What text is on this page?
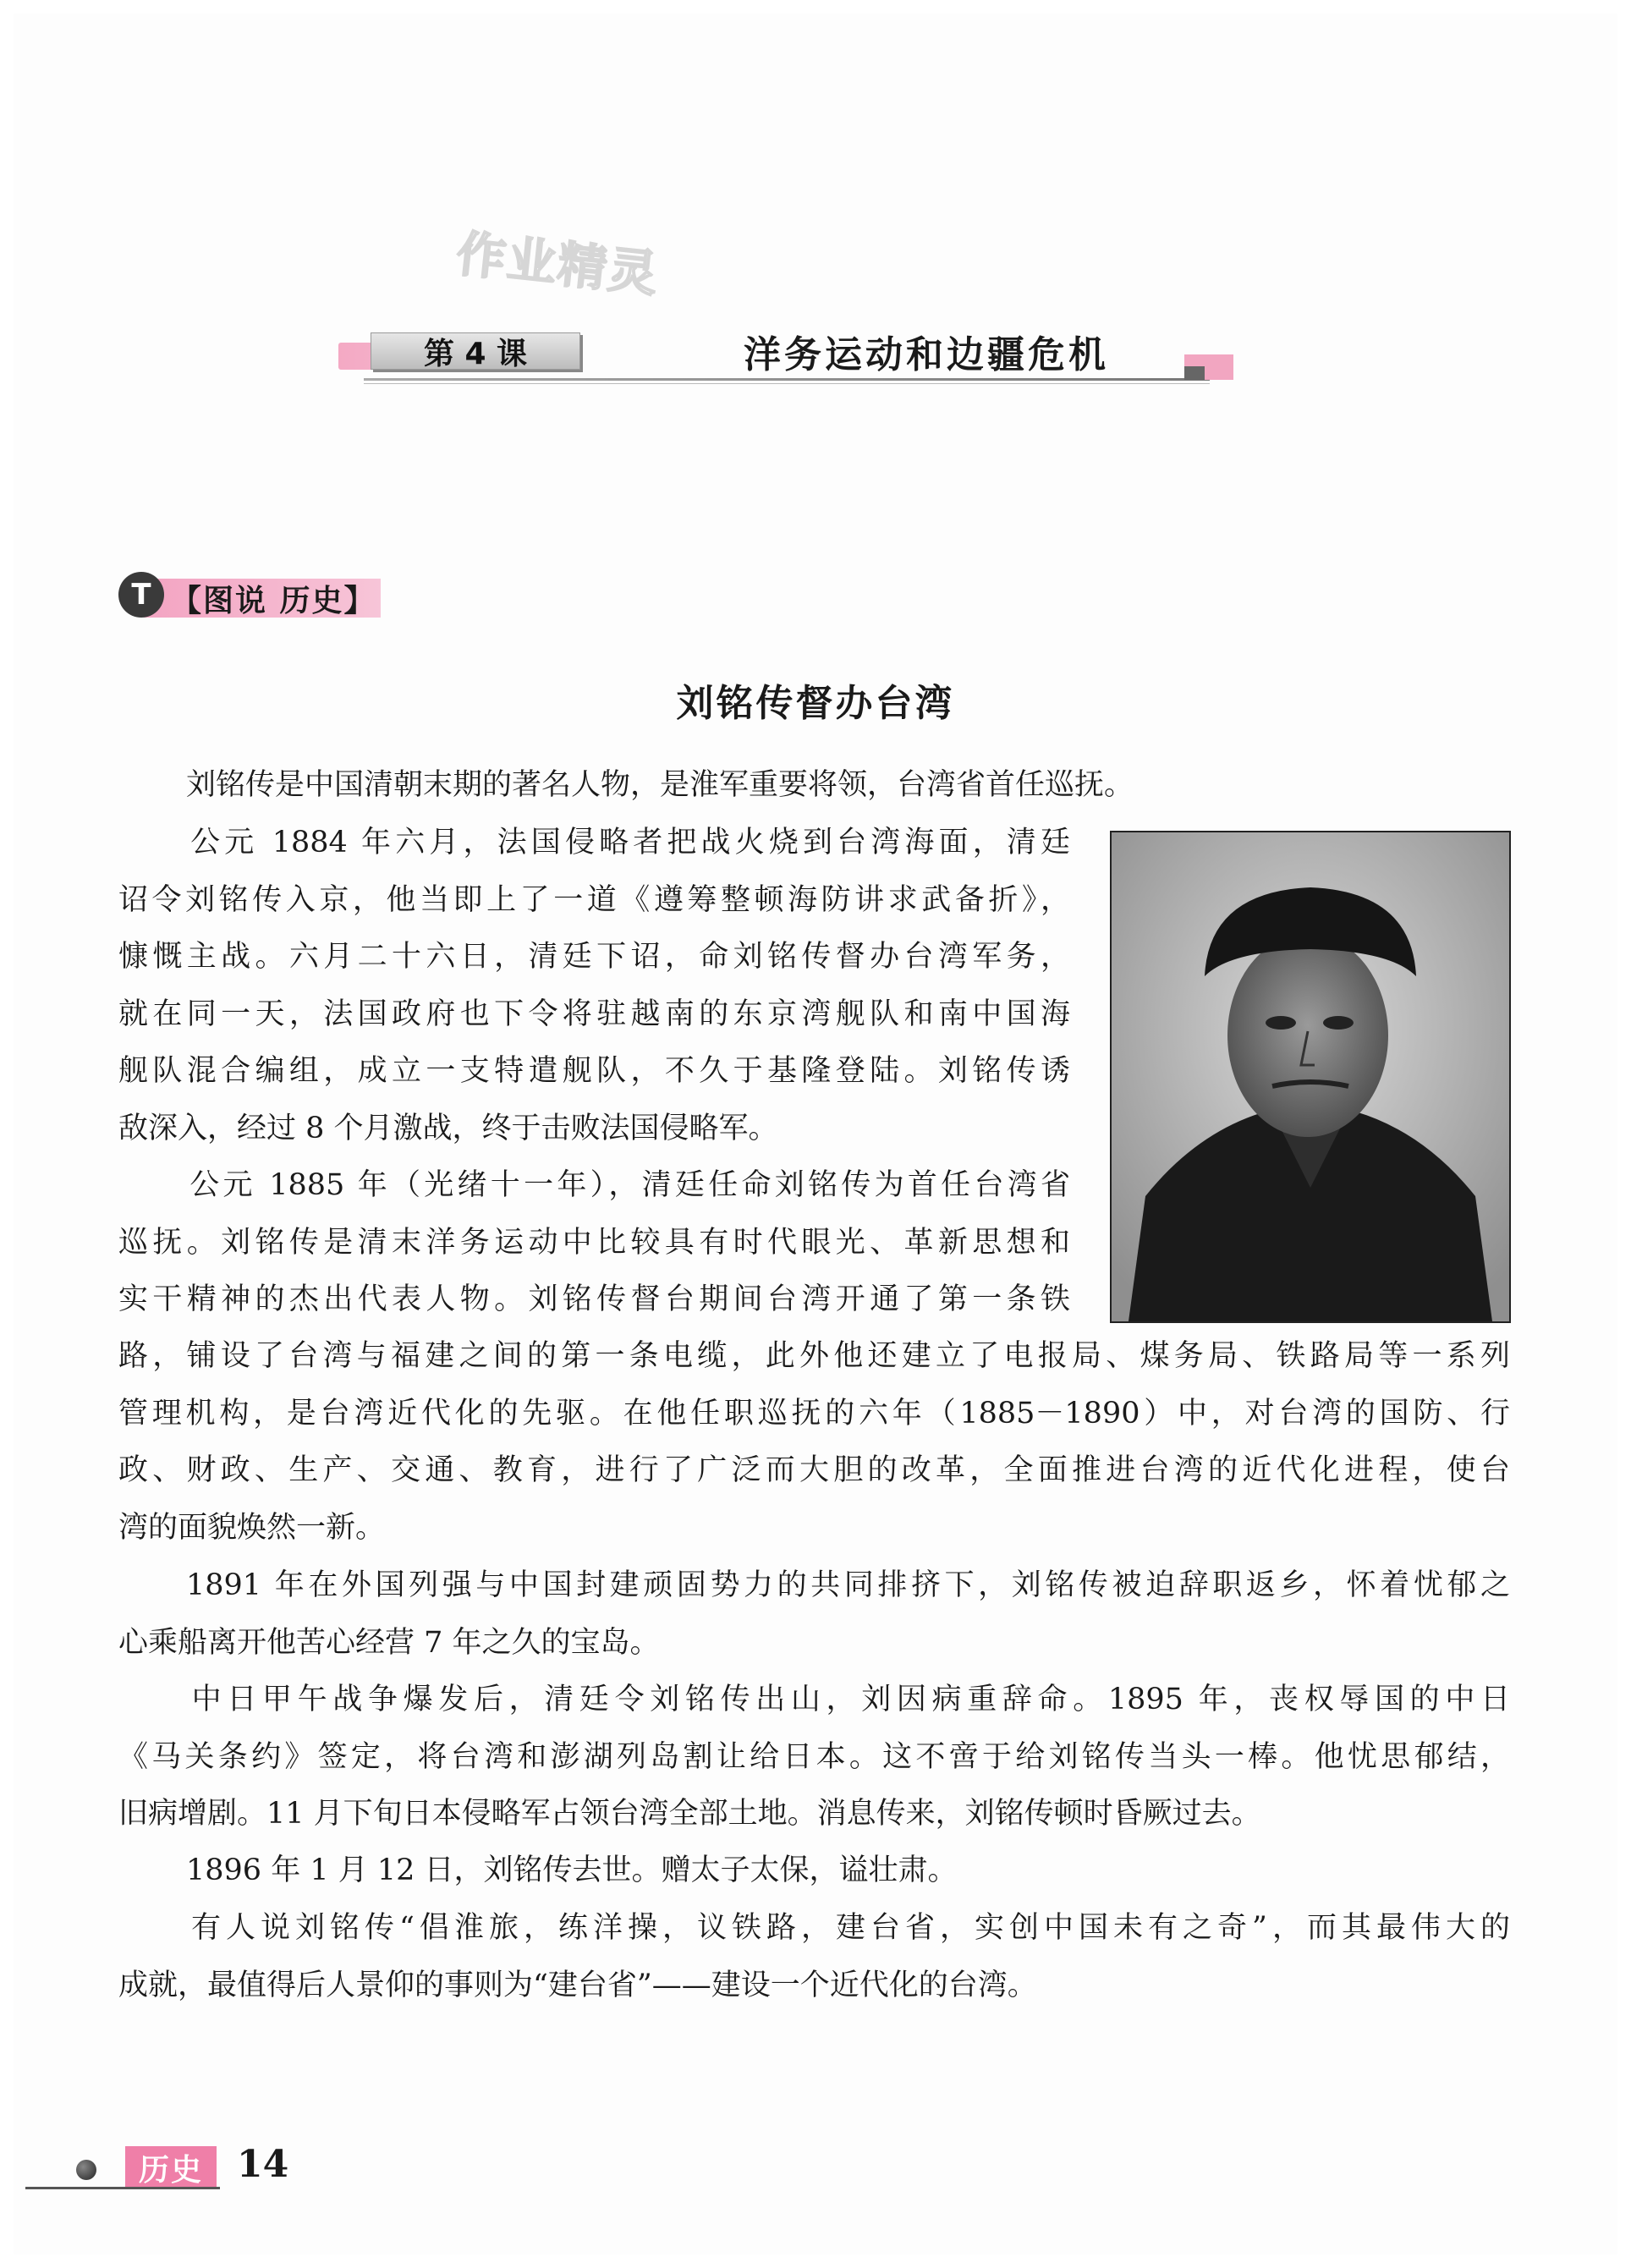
作业精灵
第 4 课	洋务运动和边疆危机
T 【图说 历史】
刘铭传督办台湾
刘铭传是中国清朝末期的著名人物，是淮军重要将领，台湾省首任巡抚。
公元 1884 年六月，法国侵略者把战火烧到台湾海面，清廷
诏令刘铭传入京，他当即上了一道《遵筹整顿海防讲求武备折》，
慷慨主战。六月二十六日，清廷下诏，命刘铭传督办台湾军务，
就在同一天，法国政府也下令将驻越南的东京湾舰队和南中国海
舰队混合编组，成立一支特遣舰队，不久于基隆登陆。刘铭传诱
敌深入，经过 8 个月激战，终于击败法国侵略军。
公元 1885 年（光绪十一年），清廷任命刘铭传为首任台湾省
巡抚。刘铭传是清末洋务运动中比较具有时代眼光、革新思想和
实干精神的杰出代表人物。刘铭传督台期间台湾开通了第一条铁
路，铺设了台湾与福建之间的第一条电缆，此外他还建立了电报局、煤务局、铁路局等一系列
管理机构，是台湾近代化的先驱。在他任职巡抚的六年（1885－1890）中，对台湾的国防、行
政、财政、生产、交通、教育，进行了广泛而大胆的改革，全面推进台湾的近代化进程，使台
湾的面貌焕然一新。
1891 年在外国列强与中国封建顽固势力的共同排挤下，刘铭传被迫辞职返乡，怀着忧郁之
心乘船离开他苦心经营 7 年之久的宝岛。
中日甲午战争爆发后，清廷令刘铭传出山，刘因病重辞命。1895 年，丧权辱国的中日
《马关条约》签定，将台湾和澎湖列岛割让给日本。这不啻于给刘铭传当头一棒。他忧思郁结，
旧病增剧。11 月下旬日本侵略军占领台湾全部土地。消息传来，刘铭传顿时昏厥过去。
1896 年 1 月 12 日，刘铭传去世。赠太子太保，谥壮肃。
有人说刘铭传“倡淮旅，练洋操，议铁路，建台省，实创中国未有之奇”，而其最伟大的
成就，最值得后人景仰的事则为“建台省”——建设一个近代化的台湾。
历史 14
